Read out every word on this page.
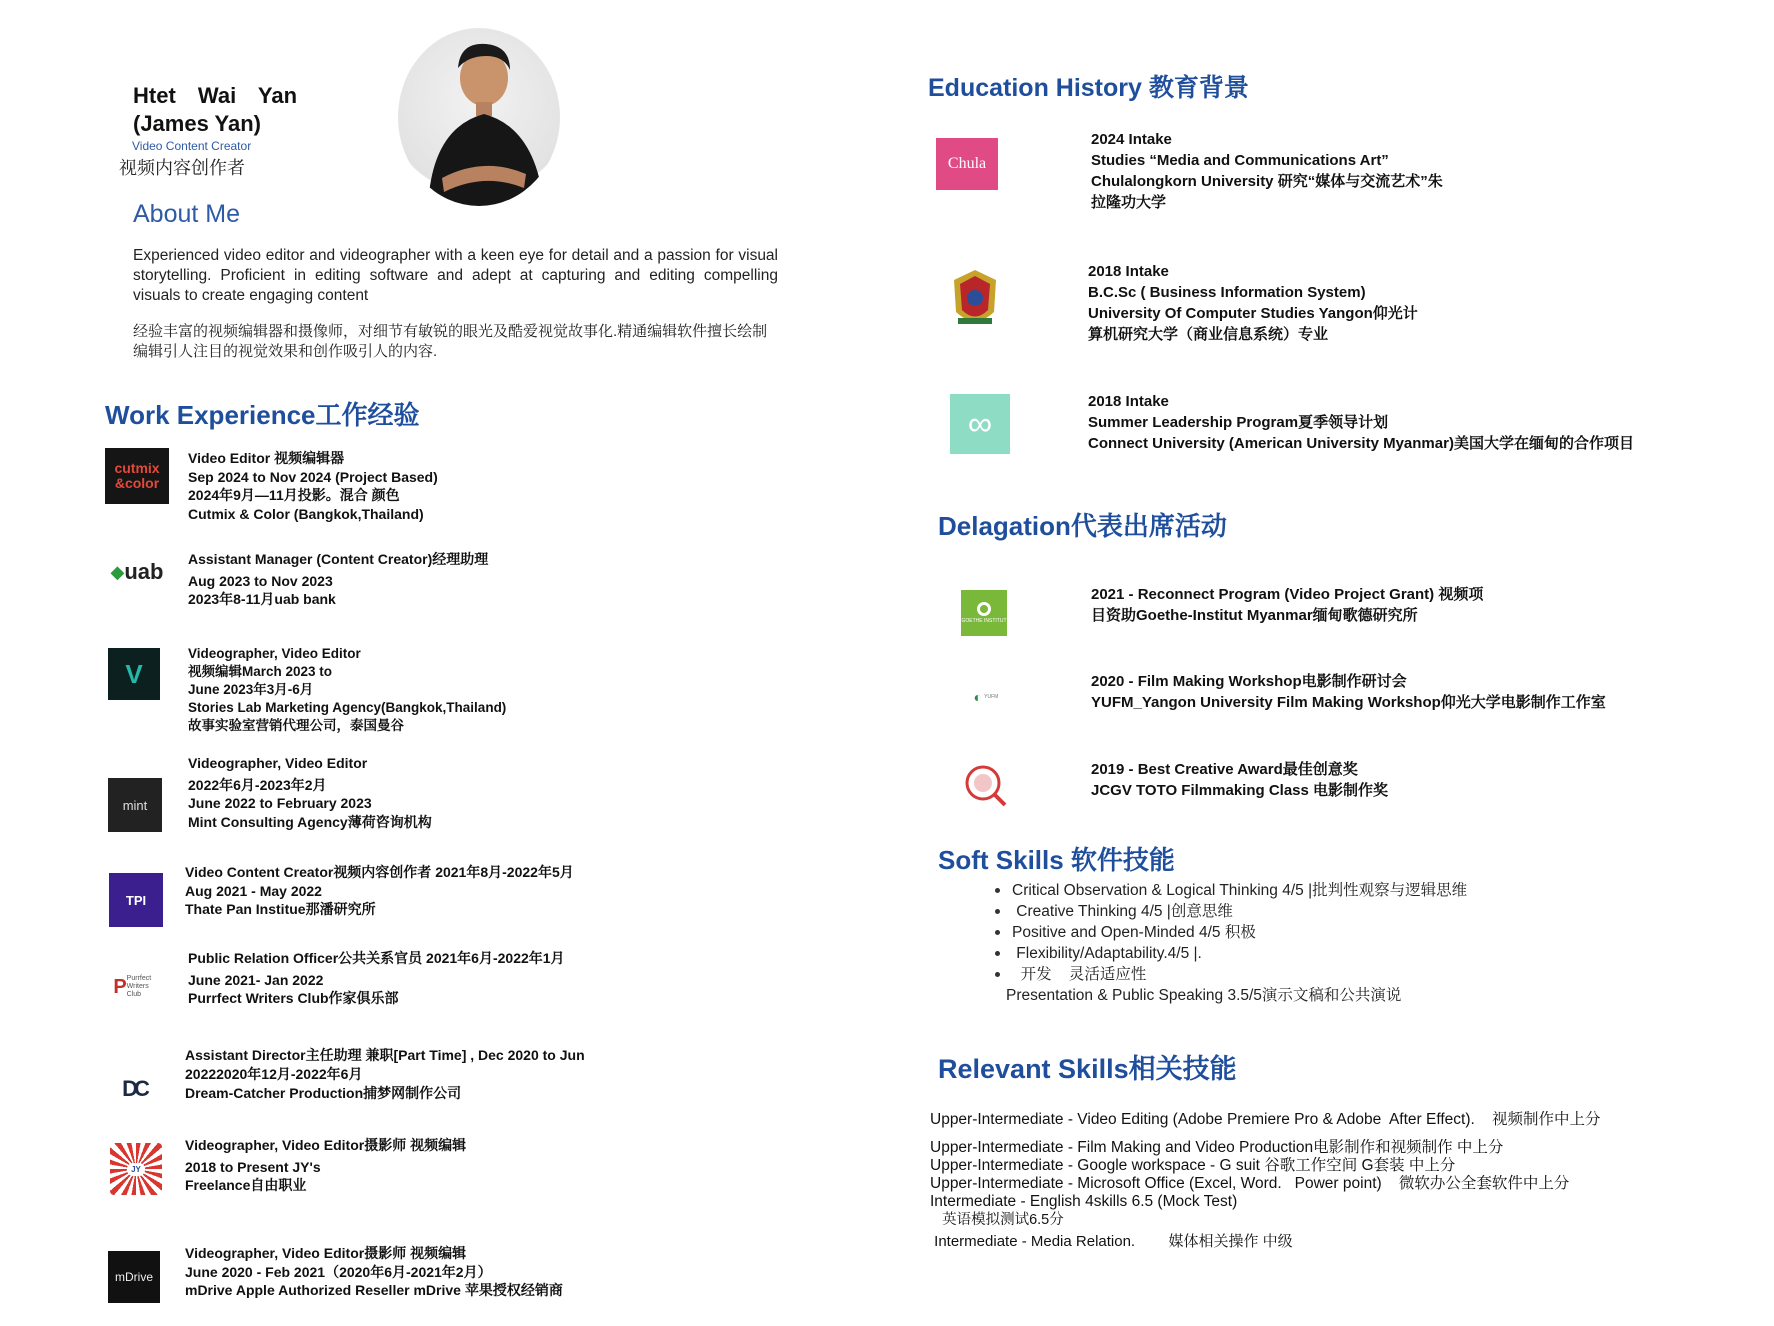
Htet Wai Yan
(James Yan)
Video Content Creator
视频内容创作者
About Me
Experienced video editor and videographer with a keen eye for detail and a passion for visual storytelling. Proficient in editing software and adept at capturing and editing compelling visuals to create engaging content
经验丰富的视频编辑器和摄像师，对细节有敏锐的眼光及酷爱视觉故事化.精通编辑软件擅长绘制 编辑引人注目的视觉效果和创作吸引人的内容.
Work Experience工作经验
cutmix &color
Video Editor 视频编辑器
Sep 2024 to Nov 2024 (Project Based)
2024年9月—11月投影。混合 颜色
Cutmix & Color (Bangkok,Thailand)
◆ uab Assistant Manager (Content Creator)经理助理
Aug 2023 to Nov 2023
2023年8-11月uab bank
V
Videographer, Video Editor
视频编辑March 2023 to
June 2023年3月-6月
Stories Lab Marketing Agency(Bangkok,Thailand)
故事实验室营销代理公司，泰国曼谷
mint
Videographer, Video Editor
2022年6月-2023年2月
June 2022 to February 2023
Mint Consulting Agency薄荷咨询机构
TPI
Video Content Creator视频内容创作者 2021年8月-2022年5月
Aug 2021 - May 2022
Thate Pan Institue那潘研究所
P Purrfect Writers Club
Public Relation Officer公共关系官员 2021年6月-2022年1月
June 2021- Jan 2022
Purrfect Writers Club作家俱乐部
DC
Assistant Director主任助理 兼职[Part Time] , Dec 2020 to Jun
20222020年12月-2022年6月
Dream-Catcher Production捕梦网制作公司
JY
Videographer, Video Editor摄影师 视频编辑
2018 to Present JY's
Freelance自由职业
mDrive
Videographer, Video Editor摄影师 视频编辑
June 2020 - Feb 2021（2020年6月-2021年2月）
mDrive Apple Authorized Reseller mDrive 苹果授权经销商
Education History 教育背景
Chula
2024 Intake
Studies “Media and Communications Art”
Chulalongkorn University 研究“媒体与交流艺术”朱
拉隆功大学
2018 Intake
B.C.Sc ( Business Information System)
University Of Computer Studies Yangon仰光计
算机研究大学（商业信息系统）专业
∞
2018 Intake
Summer Leadership Program夏季领导计划
Connect University (American University Myanmar)美国大学在缅甸的合作项目
Delagation代表出席活动
GOETHE INSTITUT
2021 - Reconnect Program (Video Project Grant) 视频项
目资助Goethe-Institut Myanmar缅甸歌德研究所
◐ YUFM
2020 - Film Making Workshop电影制作研讨会
YUFM_Yangon University Film Making Workshop仰光大学电影制作工作室
2019 - Best Creative Award最佳创意奖
JCGV TOTO Filmmaking Class 电影制作奖
Soft Skills 软件技能
Critical Observation & Logical Thinking 4/5 |批判性观察与逻辑思维
Creative Thinking 4/5 |创意思维
Positive and Open-Minded 4/5 积极
Flexibility/Adaptability.4/5 |.
开发    灵活适应性
Presentation & Public Speaking 3.5/5演示文稿和公共演说
Relevant Skills相关技能
Upper-Intermediate - Video Editing (Adobe Premiere Pro & Adobe  After Effect).    视频制作中上分
Upper-Intermediate - Film Making and Video Production电影制作和视频制作 中上分
Upper-Intermediate - Google workspace - G suit 谷歌工作空间 G套装 中上分
Upper-Intermediate - Microsoft Office (Excel, Word.   Power point)    微软办公全套软件中上分
Intermediate - English 4skills 6.5 (Mock Test)
英语模拟测试6.5分
Intermediate - Media Relation.        媒体相关操作 中级
